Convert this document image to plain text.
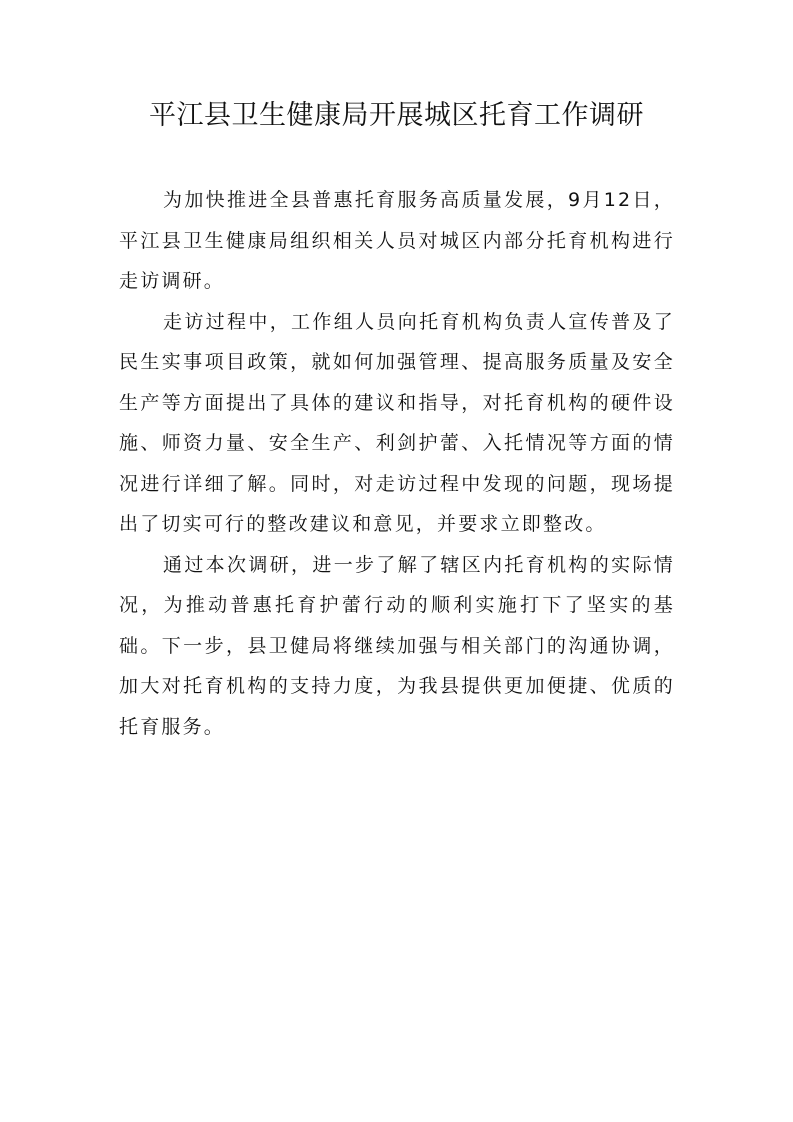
平江县卫生健康局开展城区托育工作调研

为加快推进全县普惠托育服务高质量发展，9月12日，平江县卫生健康局组织相关人员对城区内部分托育机构进行走访调研。

走访过程中，工作组人员向托育机构负责人宣传普及了民生实事项目政策，就如何加强管理、提高服务质量及安全生产等方面提出了具体的建议和指导，对托育机构的硬件设施、师资力量、安全生产、利剑护蕾、入托情况等方面的情况进行详细了解。同时，对走访过程中发现的问题，现场提出了切实可行的整改建议和意见，并要求立即整改。

通过本次调研，进一步了解了辖区内托育机构的实际情况，为推动普惠托育护蕾行动的顺利实施打下了坚实的基础。下一步，县卫健局将继续加强与相关部门的沟通协调，加大对托育机构的支持力度，为我县提供更加便捷、优质的托育服务。
